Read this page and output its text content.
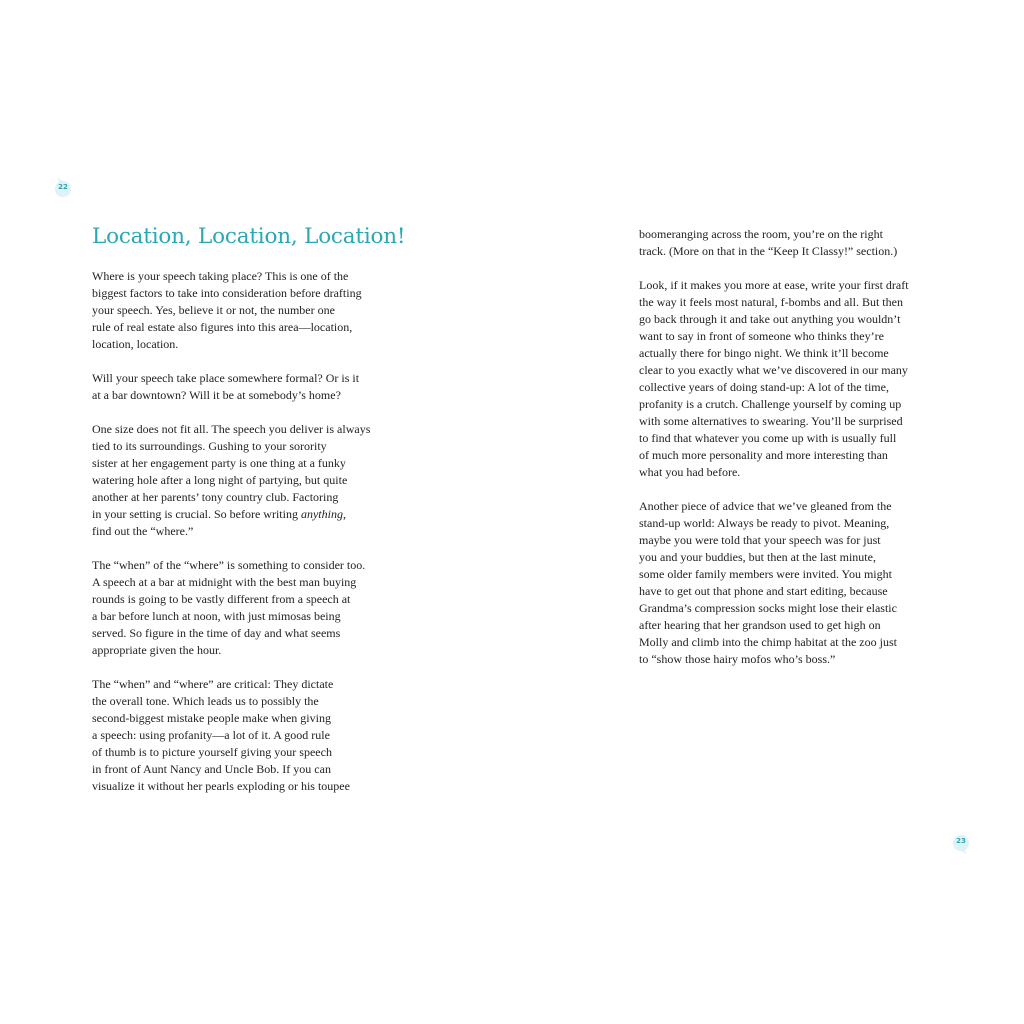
22
Location, Location, Location!

Where is your speech taking place? This is one of the
biggest factors to take into consideration before drafting
your speech. Yes, believe it or not, the number one
rule of real estate also figures into this area—location,
location, location.

Will your speech take place somewhere formal? Or is it
at a bar downtown? Will it be at somebody’s home?

One size does not fit all. The speech you deliver is always
tied to its surroundings. Gushing to your sorority
sister at her engagement party is one thing at a funky
watering hole after a long night of partying, but quite
another at her parents’ tony country club. Factoring
in your setting is crucial. So before writing anything,
find out the “where.”

The “when” of the “where” is something to consider too.
A speech at a bar at midnight with the best man buying
rounds is going to be vastly different from a speech at
a bar before lunch at noon, with just mimosas being
served. So figure in the time of day and what seems
appropriate given the hour.

The “when” and “where” are critical: They dictate
the overall tone. Which leads us to possibly the
second-biggest mistake people make when giving
a speech: using profanity—a lot of it. A good rule
of thumb is to picture yourself giving your speech
in front of Aunt Nancy and Uncle Bob. If you can
visualize it without her pearls exploding or his toupee

boomeranging across the room, you’re on the right
track. (More on that in the “Keep It Classy!” section.)

Look, if it makes you more at ease, write your first draft
the way it feels most natural, f-bombs and all. But then
go back through it and take out anything you wouldn’t
want to say in front of someone who thinks they’re
actually there for bingo night. We think it’ll become
clear to you exactly what we’ve discovered in our many
collective years of doing stand-up: A lot of the time,
profanity is a crutch. Challenge yourself by coming up
with some alternatives to swearing. You’ll be surprised
to find that whatever you come up with is usually full
of much more personality and more interesting than
what you had before.

Another piece of advice that we’ve gleaned from the
stand-up world: Always be ready to pivot. Meaning,
maybe you were told that your speech was for just
you and your buddies, but then at the last minute,
some older family members were invited. You might
have to get out that phone and start editing, because
Grandma’s compression socks might lose their elastic
after hearing that her grandson used to get high on
Molly and climb into the chimp habitat at the zoo just
to “show those hairy mofos who’s boss.”

23
